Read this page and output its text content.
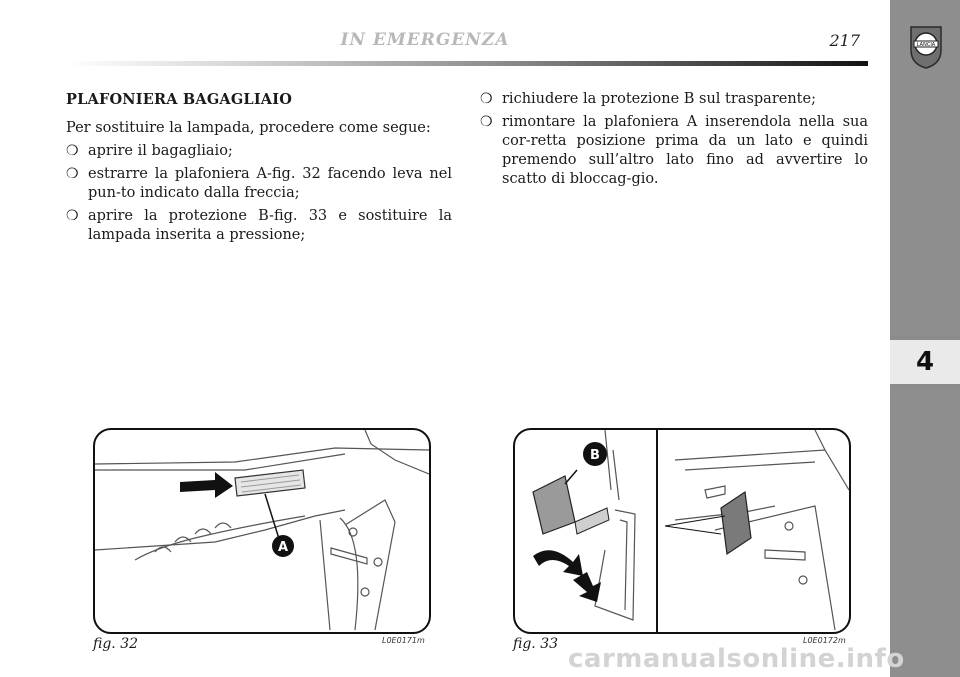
IN EMERGENZA	217
4
LANCIA
PLAFONIERA BAGAGLIAIO
Per sostituire la lampada, procedere come segue:
❍ aprire il bagagliaio;
❍ estrarre la plafoniera A-fig. 32 facendo leva nel pun-to indicato dalla freccia;
❍ aprire la protezione B-fig. 33 e sostituire la lampada inserita a pressione;
❍ richiudere la protezione B sul trasparente;
❍ rimontare la plafoniera A inserendola nella sua cor-retta posizione prima da un lato e quindi premendo sull’altro lato fino ad avvertire lo scatto di bloccag-gio.
A
fig. 32	L0E0171m
B
fig. 33	L0E0172m
carmanualsonline.info
